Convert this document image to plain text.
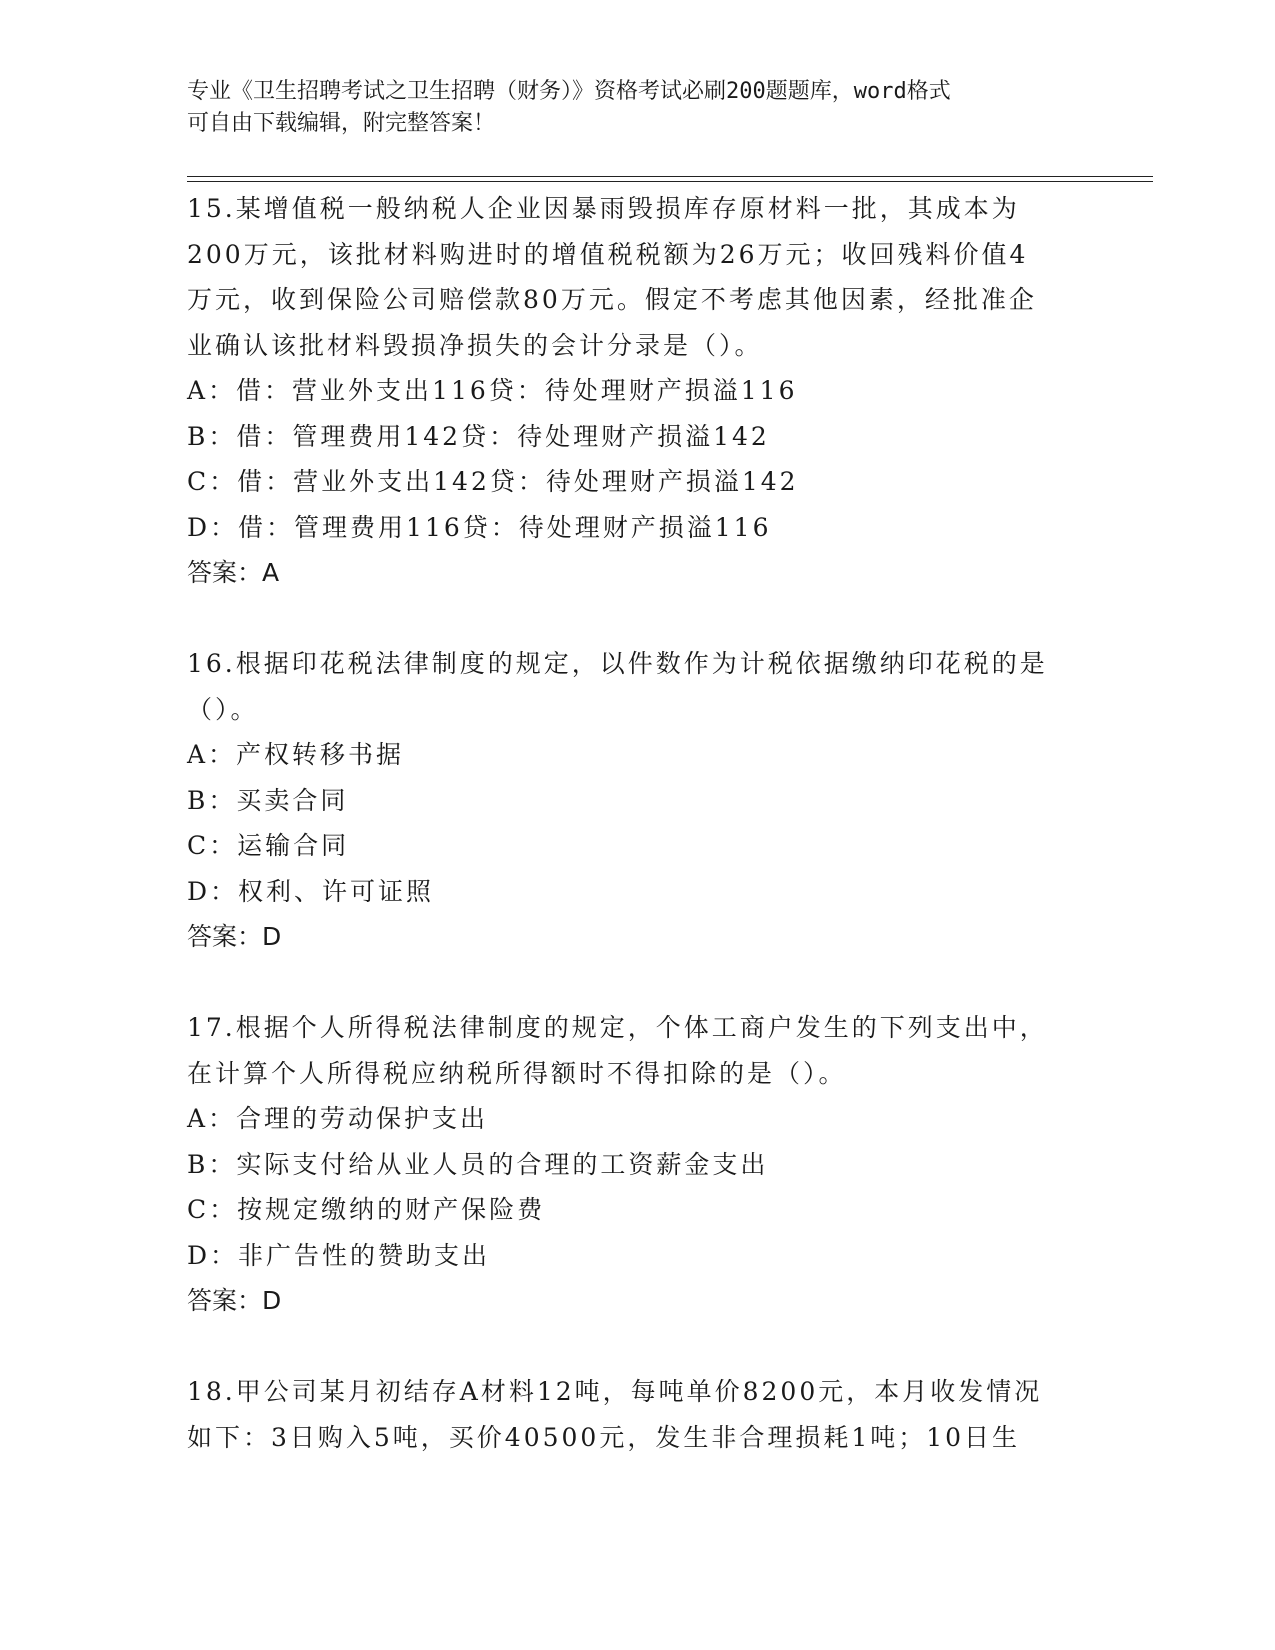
专业《卫生招聘考试之卫生招聘（财务）》资格考试必刷200题题库，word格式
可自由下载编辑，附完整答案！
15.某增值税一般纳税人企业因暴雨毁损库存原材料一批，其成本为
200万元，该批材料购进时的增值税税额为26万元；收回残料价值4
万元，收到保险公司赔偿款80万元。假定不考虑其他因素，经批准企
业确认该批材料毁损净损失的会计分录是（）。
A：借：营业外支出116贷：待处理财产损溢116
B：借：管理费用142贷：待处理财产损溢142
C：借：营业外支出142贷：待处理财产损溢142
D：借：管理费用116贷：待处理财产损溢116
答案：A
16.根据印花税法律制度的规定，以件数作为计税依据缴纳印花税的是
（）。
A：产权转移书据
B：买卖合同
C：运输合同
D：权利、许可证照
答案：D
17.根据个人所得税法律制度的规定，个体工商户发生的下列支出中，
在计算个人所得税应纳税所得额时不得扣除的是（）。
A：合理的劳动保护支出
B：实际支付给从业人员的合理的工资薪金支出
C：按规定缴纳的财产保险费
D：非广告性的赞助支出
答案：D
18.甲公司某月初结存A材料12吨，每吨单价8200元，本月收发情况
如下：3日购入5吨，买价40500元，发生非合理损耗1吨；10日生
